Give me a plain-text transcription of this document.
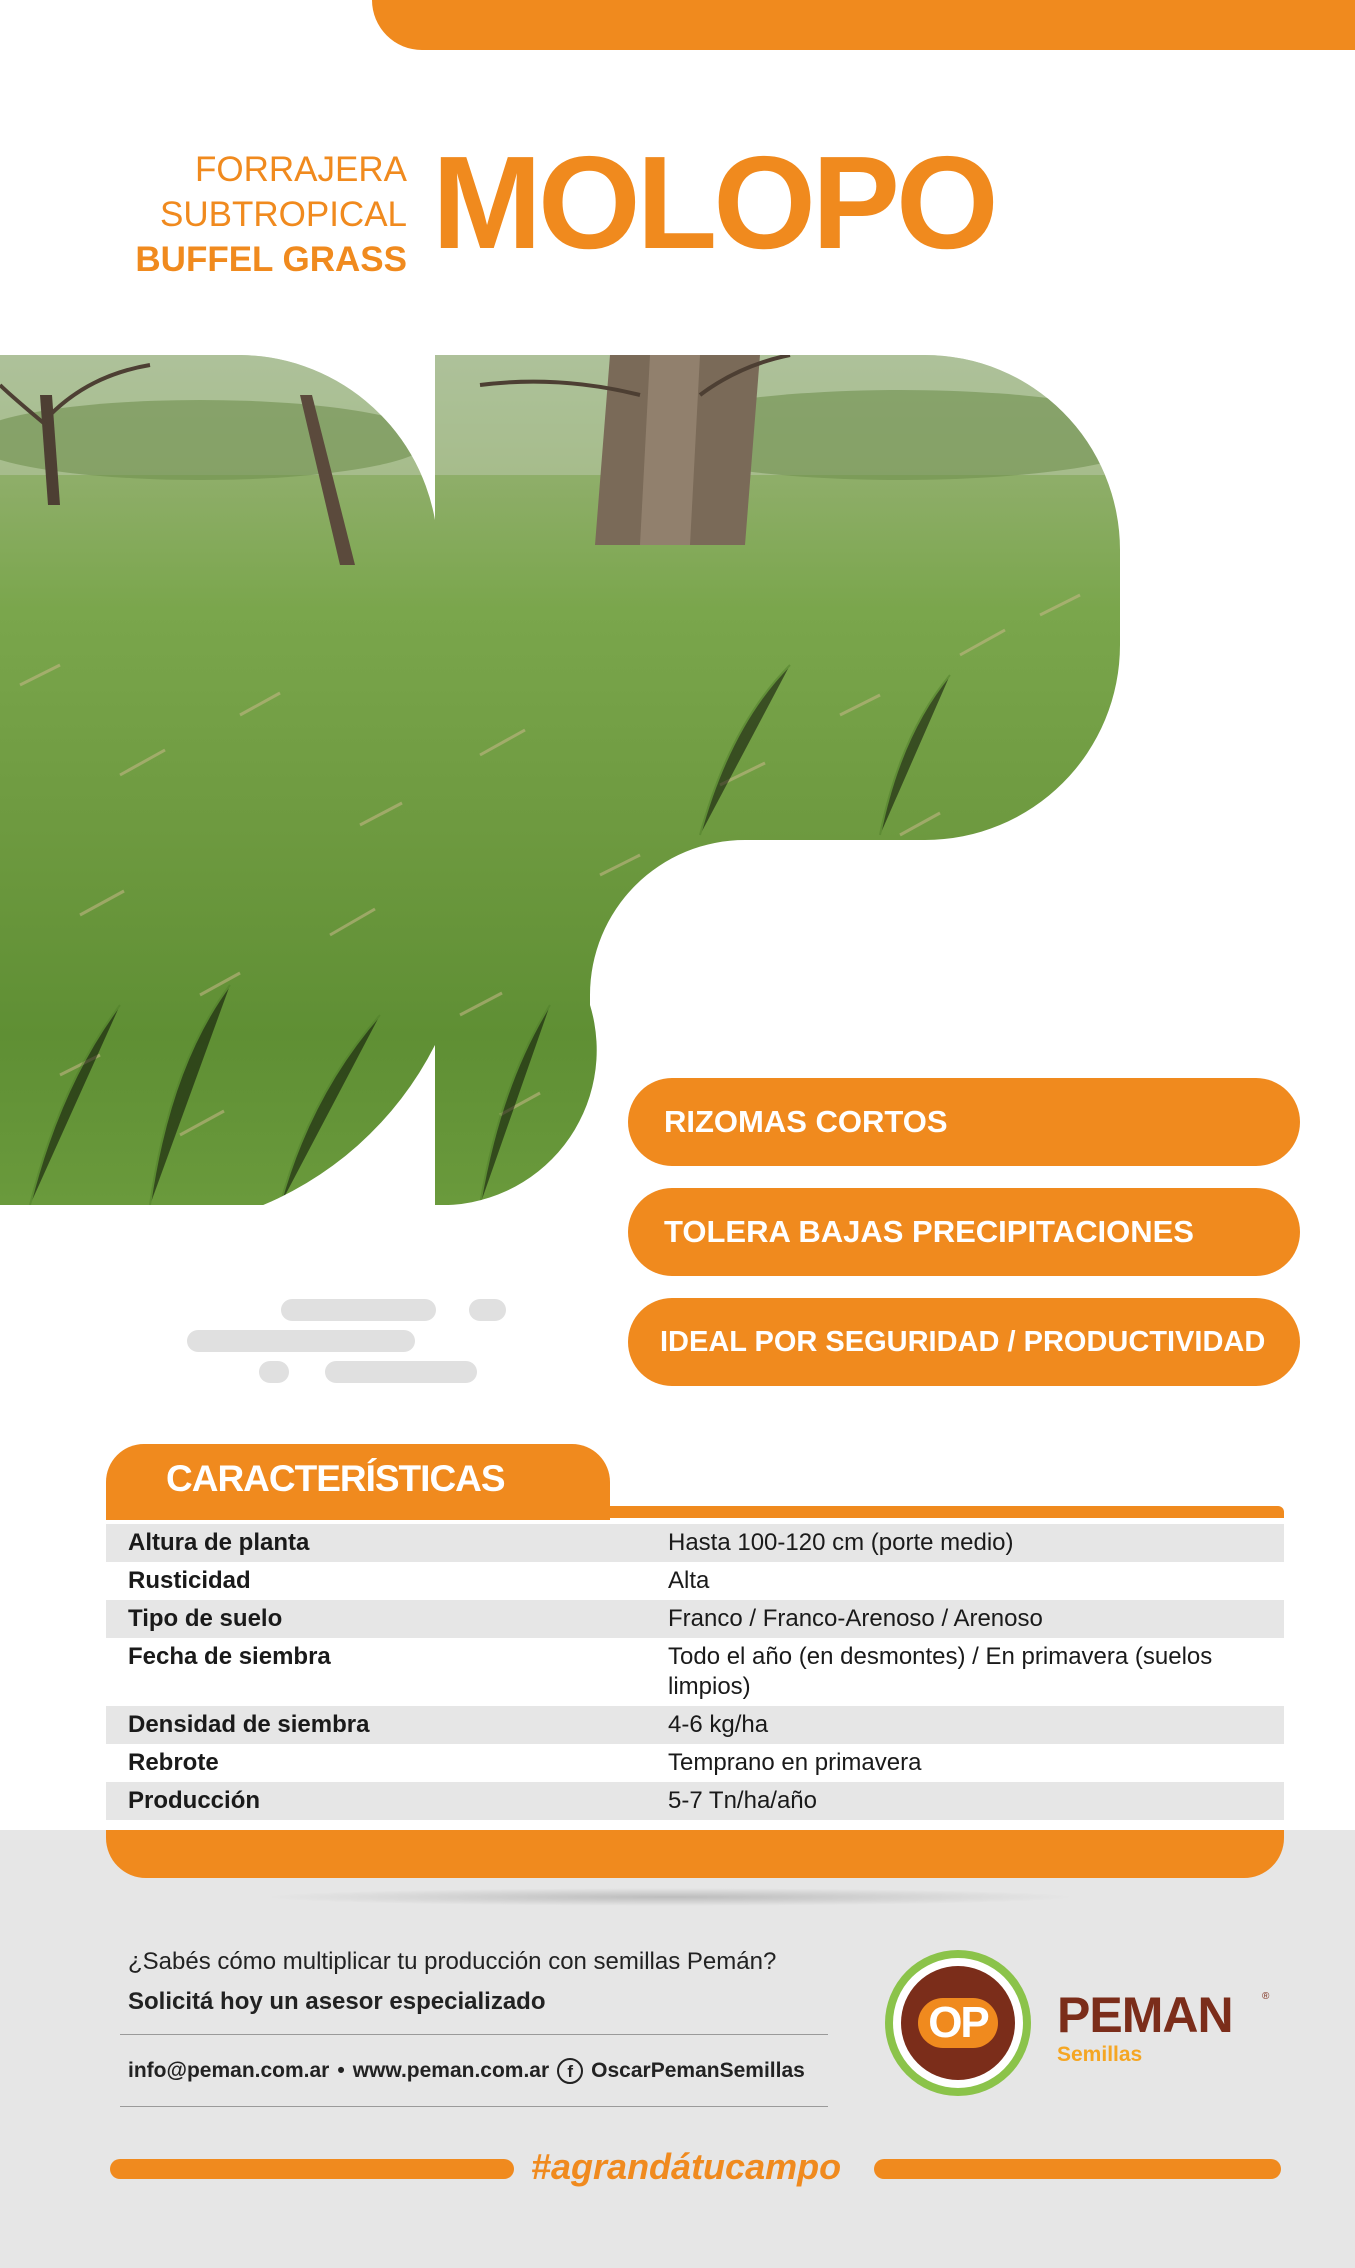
FORRAJERA
SUBTROPICAL
BUFFEL GRASS MOLOPO
RIZOMAS CORTOS
TOLERA BAJAS PRECIPITACIONES
IDEAL POR SEGURIDAD / PRODUCTIVIDAD
CARACTERÍSTICAS
Altura de planta	Hasta 100-120 cm (porte medio)
Rusticidad	Alta
Tipo de suelo	Franco / Franco-Arenoso / Arenoso
Fecha de siembra	Todo el año (en desmontes) / En primavera (suelos limpios)
Densidad de siembra	4-6 kg/ha
Rebrote	Temprano en primavera
Producción	5-7 Tn/ha/año
¿Sabés cómo multiplicar tu producción con semillas Pemán?
Solicitá hoy un asesor especializado
info@peman.com.ar • www.peman.com.ar	f OscarPemanSemillas
OP PEMAN	®
Semillas
#agrandátucampo
